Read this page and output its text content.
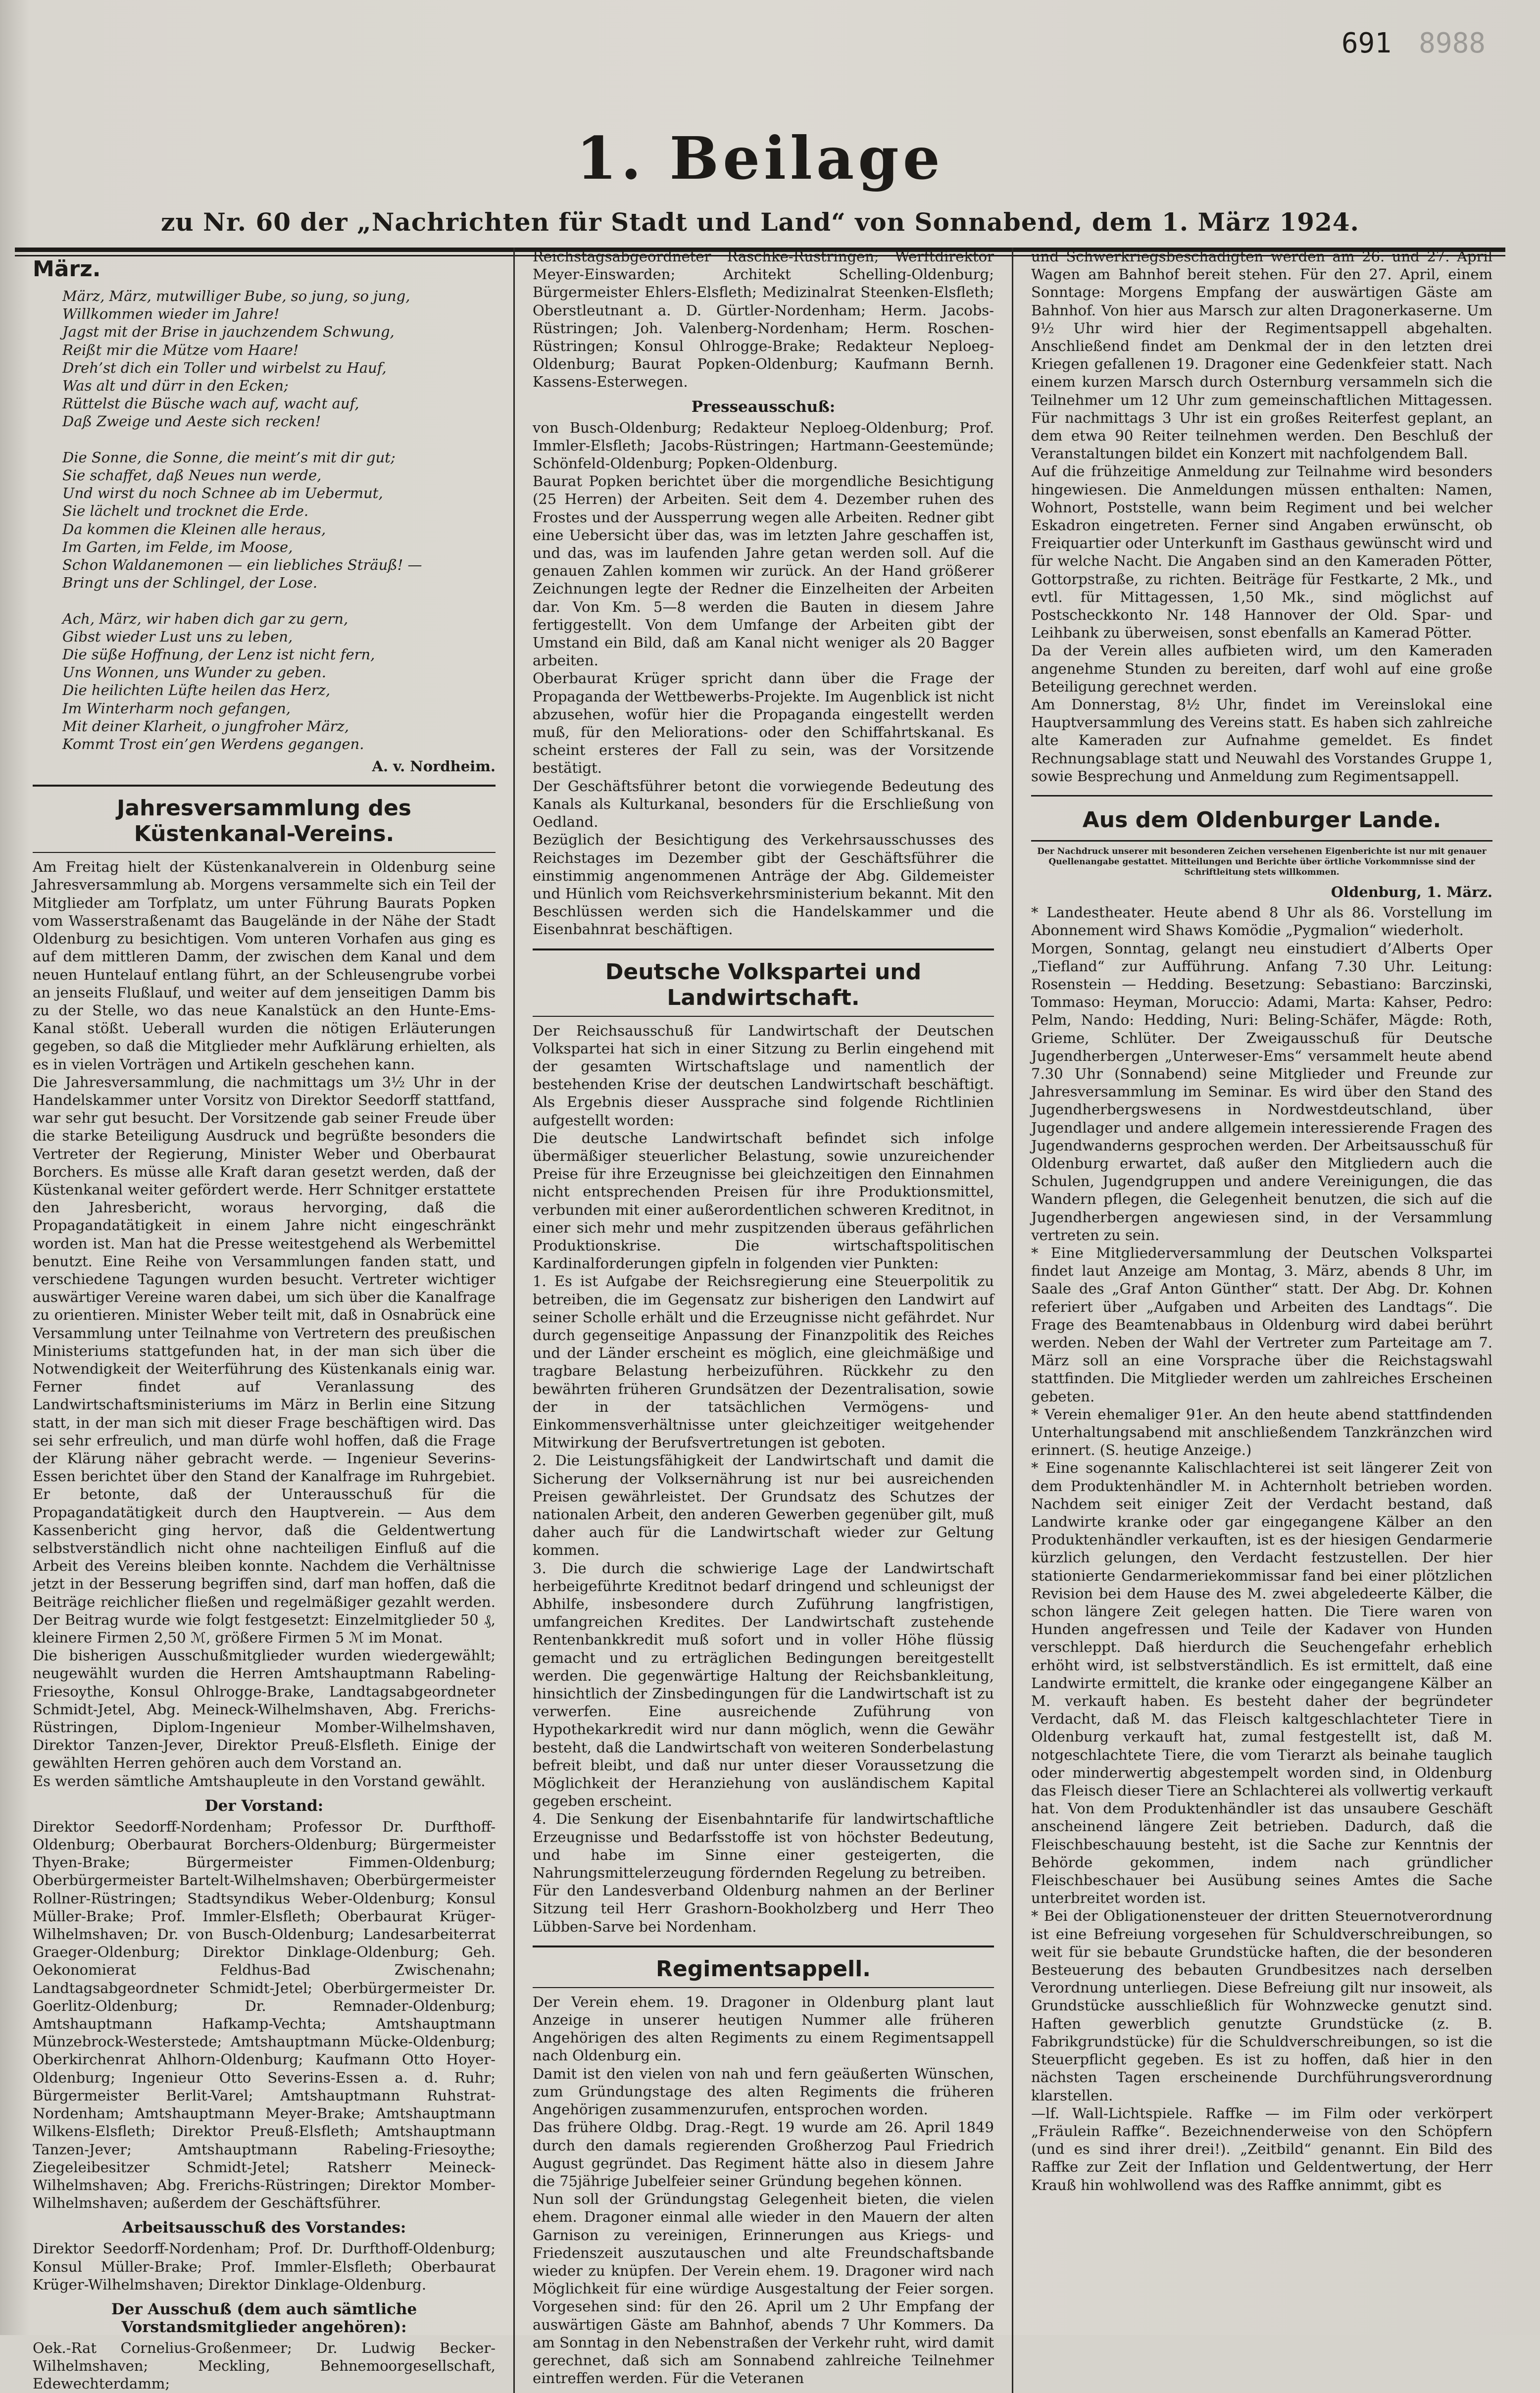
691 8988
1. Beilage
zu Nr. 60 der „Nachrichten für Stadt und Land“ von Sonnabend, dem 1. März 1924.
März.

März, März, mutwilliger Bube, so jung, so jung,
Willkommen wieder im Jahre!
Jagst mit der Brise in jauchzendem Schwung,
Reißt mir die Mütze vom Haare!
Dreh’st dich ein Toller und wirbelst zu Hauf,
Was alt und dürr in den Ecken;
Rüttelst die Büsche wach auf, wacht auf,
Daß Zweige und Aeste sich recken!

Die Sonne, die Sonne, die meint’s mit dir gut;
Sie schaffet, daß Neues nun werde,
Und wirst du noch Schnee ab im Uebermut,
Sie lächelt und trocknet die Erde.
Da kommen die Kleinen alle heraus,
Im Garten, im Felde, im Moose,
Schon Waldanemonen — ein liebliches Sträuß! —
Bringt uns der Schlingel, der Lose.

Ach, März, wir haben dich gar zu gern,
Gibst wieder Lust uns zu leben,
Die süße Hoffnung, der Lenz ist nicht fern,
Uns Wonnen, uns Wunder zu geben.
Die heilichten Lüfte heilen das Herz,
Im Winterharm noch gefangen,
Mit deiner Klarheit, o jungfroher März,
Kommt Trost ein’gen Werdens gegangen.

A. v. Nordheim.
Jahresversammlung des Küstenkanal-Vereins.

Am Freitag hielt der Küstenkanalverein in Oldenburg seine Jahresversammlung ab. Morgens versammelte sich ein Teil der Mitglieder am Torfplatz, um unter Führung Baurats Popken vom Wasserstraßenamt das Baugelände in der Nähe der Stadt Oldenburg zu besichtigen. Vom unteren Vorhafen aus ging es auf dem mittleren Damm, der zwischen dem Kanal und dem neuen Huntelauf entlang führt, an der Schleusengrube vorbei an jenseits Flußlauf, und weiter auf dem jenseitigen Damm bis zu der Stelle, wo das neue Kanalstück an den Hunte-Ems-Kanal stößt. Ueberall wurden die nötigen Erläuterungen gegeben, so daß die Mitglieder mehr Aufklärung erhielten, als es in vielen Vorträgen und Artikeln geschehen kann.
Die Jahresversammlung, die nachmittags um 3½ Uhr in der Handelskammer unter Vorsitz von Direktor Seedorff stattfand, war sehr gut besucht. Der Vorsitzende gab seiner Freude über die starke Beteiligung Ausdruck und begrüßte besonders die Vertreter der Regierung, Minister Weber und Oberbaurat Borchers. Es müsse alle Kraft daran gesetzt werden, daß der Küstenkanal weiter gefördert werde. Herr Schnitger erstattete den Jahresbericht, woraus hervorging, daß die Propagandatätigkeit in einem Jahre nicht eingeschränkt worden ist. Man hat die Presse weitestgehend als Werbemittel benutzt. Eine Reihe von Versammlungen fanden statt, und verschiedene Tagungen wurden besucht. Vertreter wichtiger auswärtiger Vereine waren dabei, um sich über die Kanalfrage zu orientieren. Minister Weber teilt mit, daß in Osnabrück eine Versammlung unter Teilnahme von Vertretern des preußischen Ministeriums stattgefunden hat, in der man sich über die Notwendigkeit der Weiterführung des Küstenkanals einig war. Ferner findet auf Veranlassung des Landwirtschaftsministeriums im März in Berlin eine Sitzung statt, in der man sich mit dieser Frage beschäftigen wird. Das sei sehr erfreulich, und man dürfe wohl hoffen, daß die Frage der Klärung näher gebracht werde. — Ingenieur Severins-Essen berichtet über den Stand der Kanalfrage im Ruhrgebiet. Er betonte, daß der Unterausschuß für die Propagandatätigkeit durch den Hauptverein. — Aus dem Kassenbericht ging hervor, daß die Geldentwertung selbstverständlich nicht ohne nachteiligen Einfluß auf die Arbeit des Vereins bleiben konnte. Nachdem die Verhältnisse jetzt in der Besserung begriffen sind, darf man hoffen, daß die Beiträge reichlicher fließen und regelmäßiger gezahlt werden. Der Beitrag wurde wie folgt festgesetzt: Einzelmitglieder 50 ₰, kleinere Firmen 2,50 ℳ, größere Firmen 5 ℳ im Monat.
Die bisherigen Ausschußmitglieder wurden wiedergewählt; neugewählt wurden die Herren Amtshauptmann Rabeling-Friesoythe, Konsul Ohlrogge-Brake, Landtagsabgeordneter Schmidt-Jetel, Abg. Meineck-Wilhelmshaven, Abg. Frerichs-Rüstringen, Diplom-Ingenieur Momber-Wilhelmshaven, Direktor Tanzen-Jever, Direktor Preuß-Elsfleth. Einige der gewählten Herren gehören auch dem Vorstand an.
Es werden sämtliche Amtshaupleute in den Vorstand gewählt.

Der Vorstand:

Direktor Seedorff-Nordenham; Professor Dr. Durfthoff-Oldenburg; Oberbaurat Borchers-Oldenburg; Bürgermeister Thyen-Brake; Bürgermeister Fimmen-Oldenburg; Oberbürgermeister Bartelt-Wilhelmshaven; Oberbürgermeister Rollner-Rüstringen; Stadtsyndikus Weber-Oldenburg; Konsul Müller-Brake; Prof. Immler-Elsfleth; Oberbaurat Krüger-Wilhelmshaven; Dr. von Busch-Oldenburg; Landesarbeiterrat Graeger-Oldenburg; Direktor Dinklage-Oldenburg; Geh. Oekonomierat Feldhus-Bad Zwischenahn; Landtagsabgeordneter Schmidt-Jetel; Oberbürgermeister Dr. Goerlitz-Oldenburg; Dr. Remnader-Oldenburg; Amtshauptmann Hafkamp-Vechta; Amtshauptmann Münzebrock-Westerstede; Amtshauptmann Mücke-Oldenburg; Oberkirchenrat Ahlhorn-Oldenburg; Kaufmann Otto Hoyer-Oldenburg; Ingenieur Otto Severins-Essen a. d. Ruhr; Bürgermeister Berlit-Varel; Amtshauptmann Ruhstrat-Nordenham; Amtshauptmann Meyer-Brake; Amtshauptmann Wilkens-Elsfleth; Direktor Preuß-Elsfleth; Amtshauptmann Tanzen-Jever; Amtshauptmann Rabeling-Friesoythe; Ziegeleibesitzer Schmidt-Jetel; Ratsherr Meineck-Wilhelmshaven; Abg. Frerichs-Rüstringen; Direktor Momber-Wilhelmshaven; außerdem der Geschäftsführer.

Arbeitsausschuß des Vorstandes:

Direktor Seedorff-Nordenham; Prof. Dr. Durfthoff-Oldenburg; Konsul Müller-Brake; Prof. Immler-Elsfleth; Oberbaurat Krüger-Wilhelmshaven; Direktor Dinklage-Oldenburg.

Der Ausschuß (dem auch sämtliche Vorstandsmitglieder angehören):

Oek.-Rat Cornelius-Großenmeer; Dr. Ludwig Becker-Wilhelmshaven; Meckling, Behnemoorgesellschaft, Edewechterdamm;

Reichstagsabgeordneter Raschke-Rüstringen; Werftdirektor Meyer-Einswarden; Architekt Schelling-Oldenburg; Bürgermeister Ehlers-Elsfleth; Medizinalrat Steenken-Elsfleth; Oberstleutnant a. D. Gürtler-Nordenham; Herm. Jacobs-Rüstringen; Joh. Valenberg-Nordenham; Herm. Roschen-Rüstringen; Konsul Ohlrogge-Brake; Redakteur Neploeg-Oldenburg; Baurat Popken-Oldenburg; Kaufmann Bernh. Kassens-Esterwegen.

Presseausschuß:

von Busch-Oldenburg; Redakteur Neploeg-Oldenburg; Prof. Immler-Elsfleth; Jacobs-Rüstringen; Hartmann-Geestemünde; Schönfeld-Oldenburg; Popken-Oldenburg.
Baurat Popken berichtet über die morgendliche Besichtigung (25 Herren) der Arbeiten. Seit dem 4. Dezember ruhen des Frostes und der Aussperrung wegen alle Arbeiten. Redner gibt eine Uebersicht über das, was im letzten Jahre geschaffen ist, und das, was im laufenden Jahre getan werden soll. Auf die genauen Zahlen kommen wir zurück. An der Hand größerer Zeichnungen legte der Redner die Einzelheiten der Arbeiten dar. Von Km. 5—8 werden die Bauten in diesem Jahre fertiggestellt. Von dem Umfange der Arbeiten gibt der Umstand ein Bild, daß am Kanal nicht weniger als 20 Bagger arbeiten.
Oberbaurat Krüger spricht dann über die Frage der Propaganda der Wettbewerbs-Projekte. Im Augenblick ist nicht abzusehen, wofür hier die Propaganda eingestellt werden muß, für den Meliorations- oder den Schiffahrtskanal. Es scheint ersteres der Fall zu sein, was der Vorsitzende bestätigt.
Der Geschäftsführer betont die vorwiegende Bedeutung des Kanals als Kulturkanal, besonders für die Erschließung von Oedland.
Bezüglich der Besichtigung des Verkehrsausschusses des Reichstages im Dezember gibt der Geschäftsführer die einstimmig angenommenen Anträge der Abg. Gildemeister und Hünlich vom Reichsverkehrsministerium bekannt. Mit den Beschlüssen werden sich die Handelskammer und die Eisenbahnrat beschäftigen.

Deutsche Volkspartei und Landwirtschaft.

Der Reichsausschuß für Landwirtschaft der Deutschen Volkspartei hat sich in einer Sitzung zu Berlin eingehend mit der gesamten Wirtschaftslage und namentlich der bestehenden Krise der deutschen Landwirtschaft beschäftigt. Als Ergebnis dieser Aussprache sind folgende Richtlinien aufgestellt worden:
Die deutsche Landwirtschaft befindet sich infolge übermäßiger steuerlicher Belastung, sowie unzureichender Preise für ihre Erzeugnisse bei gleichzeitigen den Einnahmen nicht entsprechenden Preisen für ihre Produktionsmittel, verbunden mit einer außerordentlichen schweren Kreditnot, in einer sich mehr und mehr zuspitzenden überaus gefährlichen Produktionskrise. Die wirtschaftspolitischen Kardinalforderungen gipfeln in folgenden vier Punkten:
1. Es ist Aufgabe der Reichsregierung eine Steuerpolitik zu betreiben, die im Gegensatz zur bisherigen den Landwirt auf seiner Scholle erhält und die Erzeugnisse nicht gefährdet. Nur durch gegenseitige Anpassung der Finanzpolitik des Reiches und der Länder erscheint es möglich, eine gleichmäßige und tragbare Belastung herbeizuführen. Rückkehr zu den bewährten früheren Grundsätzen der Dezentralisation, sowie der in der tatsächlichen Vermögens- und Einkommensverhältnisse unter gleichzeitiger weitgehender Mitwirkung der Berufsvertretungen ist geboten.
2. Die Leistungsfähigkeit der Landwirtschaft und damit die Sicherung der Volksernährung ist nur bei ausreichenden Preisen gewährleistet. Der Grundsatz des Schutzes der nationalen Arbeit, den anderen Gewerben gegenüber gilt, muß daher auch für die Landwirtschaft wieder zur Geltung kommen.
3. Die durch die schwierige Lage der Landwirtschaft herbeigeführte Kreditnot bedarf dringend und schleunigst der Abhilfe, insbesondere durch Zuführung langfristigen, umfangreichen Kredites. Der Landwirtschaft zustehende Rentenbankkredit muß sofort und in voller Höhe flüssig gemacht und zu erträglichen Bedingungen bereitgestellt werden. Die gegenwärtige Haltung der Reichsbankleitung, hinsichtlich der Zinsbedingungen für die Landwirtschaft ist zu verwerfen. Eine ausreichende Zuführung von Hypothekarkredit wird nur dann möglich, wenn die Gewähr besteht, daß die Landwirtschaft von weiteren Sonderbelastung befreit bleibt, und daß nur unter dieser Voraussetzung die Möglichkeit der Heranziehung von ausländischem Kapital gegeben erscheint.
4. Die Senkung der Eisenbahntarife für landwirtschaftliche Erzeugnisse und Bedarfsstoffe ist von höchster Bedeutung, und habe im Sinne einer gesteigerten, die Nahrungsmittelerzeugung fördernden Regelung zu betreiben.
Für den Landesverband Oldenburg nahmen an der Berliner Sitzung teil Herr Grashorn-Bookholzberg und Herr Theo Lübben-Sarve bei Nordenham.

Regimentsappell.

Der Verein ehem. 19. Dragoner in Oldenburg plant laut Anzeige in unserer heutigen Nummer alle früheren Angehörigen des alten Regiments zu einem Regimentsappell nach Oldenburg ein.
Damit ist den vielen von nah und fern geäußerten Wünschen, zum Gründungstage des alten Regiments die früheren Angehörigen zusammenzurufen, entsprochen worden.
Das frühere Oldbg. Drag.-Regt. 19 wurde am 26. April 1849 durch den damals regierenden Großherzog Paul Friedrich August gegründet. Das Regiment hätte also in diesem Jahre die 75jährige Jubelfeier seiner Gründung begehen können.
Nun soll der Gründungstag Gelegenheit bieten, die vielen ehem. Dragoner einmal alle wieder in den Mauern der alten Garnison zu vereinigen, Erinnerungen aus Kriegs- und Friedenszeit auszutauschen und alte Freundschaftsbande wieder zu knüpfen. Der Verein ehem. 19. Dragoner wird nach Möglichkeit für eine würdige Ausgestaltung der Feier sorgen. Vorgesehen sind: für den 26. April um 2 Uhr Empfang der auswärtigen Gäste am Bahnhof, abends 7 Uhr Kommers. Da am Sonntag in den Nebenstraßen der Verkehr ruht, wird damit gerechnet, daß sich am Sonnabend zahlreiche Teilnehmer eintreffen werden. Für die Veteranen

und Schwerkriegsbeschädigten werden am 26. und 27. April Wagen am Bahnhof bereit stehen. Für den 27. April, einem Sonntage: Morgens Empfang der auswärtigen Gäste am Bahnhof. Von hier aus Marsch zur alten Dragonerkaserne. Um 9½ Uhr wird hier der Regimentsappell abgehalten. Anschließend findet am Denkmal der in den letzten drei Kriegen gefallenen 19. Dragoner eine Gedenkfeier statt. Nach einem kurzen Marsch durch Osternburg versammeln sich die Teilnehmer um 12 Uhr zum gemeinschaftlichen Mittagessen. Für nachmittags 3 Uhr ist ein großes Reiterfest geplant, an dem etwa 90 Reiter teilnehmen werden. Den Beschluß der Veranstaltungen bildet ein Konzert mit nachfolgendem Ball.
Auf die frühzeitige Anmeldung zur Teilnahme wird besonders hingewiesen. Die Anmeldungen müssen enthalten: Namen, Wohnort, Poststelle, wann beim Regiment und bei welcher Eskadron eingetreten. Ferner sind Angaben erwünscht, ob Freiquartier oder Unterkunft im Gasthaus gewünscht wird und für welche Nacht. Die Angaben sind an den Kameraden Pötter, Gottorpstraße, zu richten. Beiträge für Festkarte, 2 Mk., und evtl. für Mittagessen, 1,50 Mk., sind möglichst auf Postscheckkonto Nr. 148 Hannover der Old. Spar- und Leihbank zu überweisen, sonst ebenfalls an Kamerad Pötter.
Da der Verein alles aufbieten wird, um den Kameraden angenehme Stunden zu bereiten, darf wohl auf eine große Beteiligung gerechnet werden.
Am Donnerstag, 8½ Uhr, findet im Vereinslokal eine Hauptversammlung des Vereins statt. Es haben sich zahlreiche alte Kameraden zur Aufnahme gemeldet. Es findet Rechnungsablage statt und Neuwahl des Vorstandes Gruppe 1, sowie Besprechung und Anmeldung zum Regimentsappell.

Aus dem Oldenburger Lande.

Der Nachdruck unserer mit besonderen Zeichen versehenen Eigenberichte ist nur mit genauer Quellenangabe gestattet. Mitteilungen und Berichte über örtliche Vorkommnisse sind der Schriftleitung stets willkommen.

Oldenburg, 1. März.

* Landestheater. Heute abend 8 Uhr als 86. Vorstellung im Abonnement wird Shaws Komödie „Pygmalion“ wiederholt.
Morgen, Sonntag, gelangt neu einstudiert d’Alberts Oper „Tiefland“ zur Aufführung. Anfang 7.30 Uhr. Leitung: Rosenstein — Hedding. Besetzung: Sebastiano: Barczinski, Tommaso: Heyman, Moruccio: Adami, Marta: Kahser, Pedro: Pelm, Nando: Hedding, Nuri: Beling-Schäfer, Mägde: Roth, Grieme, Schlüter. Der Zweigausschuß für Deutsche Jugendherbergen „Unterweser-Ems“ versammelt heute abend 7.30 Uhr (Sonnabend) seine Mitglieder und Freunde zur Jahresversammlung im Seminar. Es wird über den Stand des Jugendherbergswesens in Nordwestdeutschland, über Jugendlager und andere allgemein interessierende Fragen des Jugendwanderns gesprochen werden. Der Arbeitsausschuß für Oldenburg erwartet, daß außer den Mitgliedern auch die Schulen, Jugendgruppen und andere Vereinigungen, die das Wandern pflegen, die Gelegenheit benutzen, die sich auf die Jugendherbergen angewiesen sind, in der Versammlung vertreten zu sein.
* Eine Mitgliederversammlung der Deutschen Volkspartei findet laut Anzeige am Montag, 3. März, abends 8 Uhr, im Saale des „Graf Anton Günther“ statt. Der Abg. Dr. Kohnen referiert über „Aufgaben und Arbeiten des Landtags“. Die Frage des Beamtenabbaus in Oldenburg wird dabei berührt werden. Neben der Wahl der Vertreter zum Parteitage am 7. März soll an eine Vorsprache über die Reichstagswahl stattfinden. Die Mitglieder werden um zahlreiches Erscheinen gebeten.
* Verein ehemaliger 91er. An den heute abend stattfindenden Unterhaltungsabend mit anschließendem Tanzkränzchen wird erinnert. (S. heutige Anzeige.)
* Eine sogenannte Kalischlachterei ist seit längerer Zeit von dem Produktenhändler M. in Achternholt betrieben worden. Nachdem seit einiger Zeit der Verdacht bestand, daß Landwirte kranke oder gar eingegangene Kälber an den Produktenhändler verkauften, ist es der hiesigen Gendarmerie kürzlich gelungen, den Verdacht festzustellen. Der hier stationierte Gendarmeriekommissar fand bei einer plötzlichen Revision bei dem Hause des M. zwei abgeledeerte Kälber, die schon längere Zeit gelegen hatten. Die Tiere waren von Hunden angefressen und Teile der Kadaver von Hunden verschleppt. Daß hierdurch die Seuchengefahr erheblich erhöht wird, ist selbstverständlich. Es ist ermittelt, daß eine Landwirte ermittelt, die kranke oder eingegangene Kälber an M. verkauft haben. Es besteht daher der begründeter Verdacht, daß M. das Fleisch kaltgeschlachteter Tiere in Oldenburg verkauft hat, zumal festgestellt ist, daß M. notgeschlachtete Tiere, die vom Tierarzt als beinahe tauglich oder minderwertig abgestempelt worden sind, in Oldenburg das Fleisch dieser Tiere an Schlachterei als vollwertig verkauft hat. Von dem Produktenhändler ist das unsaubere Geschäft anscheinend längere Zeit betrieben. Dadurch, daß die Fleischbeschauung besteht, ist die Sache zur Kenntnis der Behörde gekommen, indem nach gründlicher Fleischbeschauer bei Ausübung seines Amtes die Sache unterbreitet worden ist.
* Bei der Obligationensteuer der dritten Steuernotverordnung ist eine Befreiung vorgesehen für Schuldverschreibungen, so weit für sie bebaute Grundstücke haften, die der besonderen Besteuerung des bebauten Grundbesitzes nach derselben Verordnung unterliegen. Diese Befreiung gilt nur insoweit, als Grundstücke ausschließlich für Wohnzwecke genutzt sind. Haften gewerblich genutzte Grundstücke (z. B. Fabrikgrundstücke) für die Schuldverschreibungen, so ist die Steuerpflicht gegeben. Es ist zu hoffen, daß hier in den nächsten Tagen erscheinende Durchführungsverordnung klarstellen.
—lf. Wall-Lichtspiele. Raffke — im Film oder verkörpert „Fräulein Raffke“. Bezeichnenderweise von den Schöpfern (und es sind ihrer drei!). „Zeitbild“ genannt. Ein Bild des Raffke zur Zeit der Inflation und Geldentwertung, der Herr Krauß hin wohlwollend was des Raffke annimmt, gibt es
